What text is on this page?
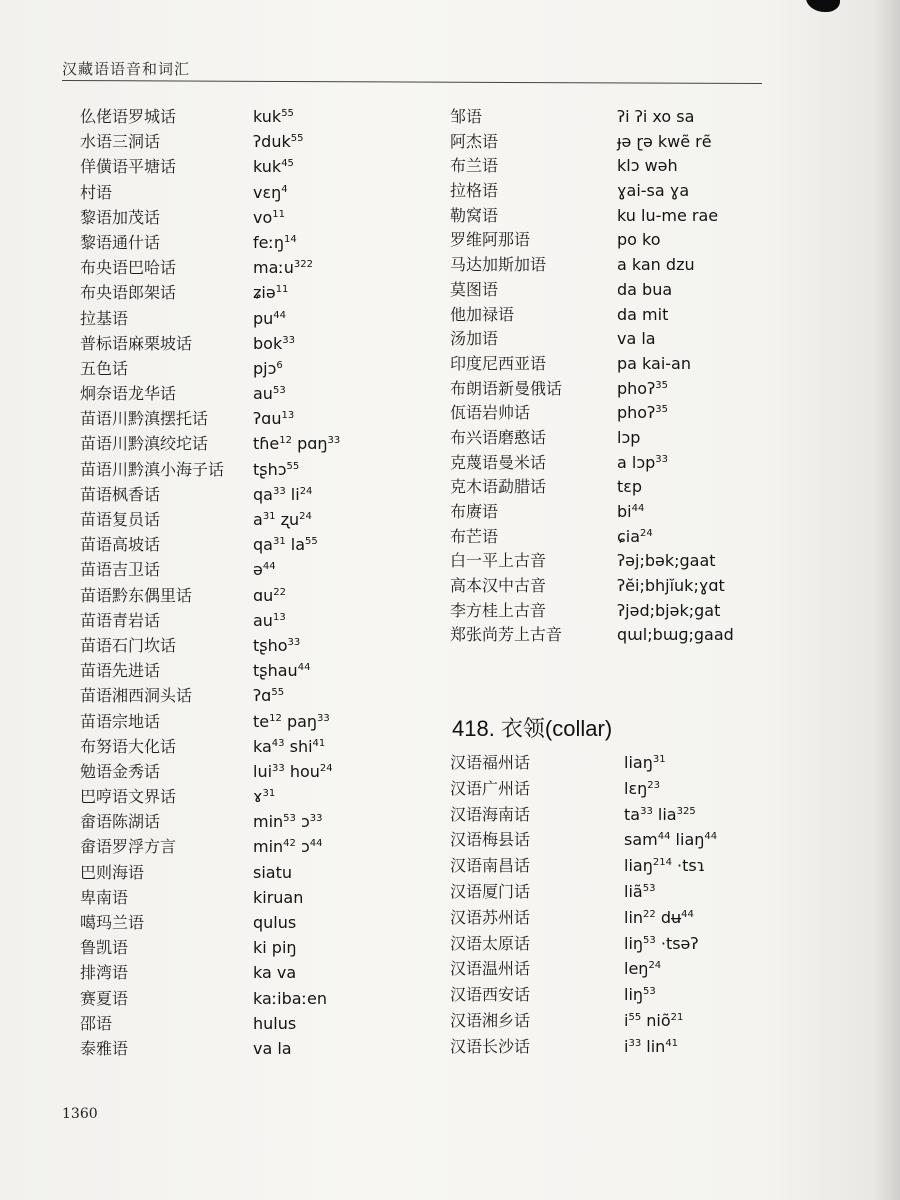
汉藏语语音和词汇
仫佬语罗城话	kuk$^{55}$
水语三洞话	ʔduk$^{55}$
佯僙语平塘话	kuk$^{45}$
村语	vɛŋ$^4$
黎语加茂话	$vo^{11}$
黎语通什话	feːŋ$^{14}$
布央语巴哈话	maːu$^{322}$
布央语郎架话	ʑiə$^{11}$
拉基语	$pu^{44}$
普标语麻栗坡话	bok$^{33}$
五色话	pjɔ$^6$
炯奈语龙华话	$au^{53}$
苗语川黔滇摆托话	ʔɑu$^{13}$
苗语川黔滇绞坨话	tɦe$^{12}$ pɑŋ$^{33}$
苗语川黔滇小海子话	tʂhɔ$^{55}$
苗语枫香话	$qa^{33}$ $li^{24}$
苗语复员话	$a^{31}$ ʐu$^{24}$
苗语高坡话	$qa^{31}$ $la^{55}$
苗语吉卫话	ə$^{44}$
苗语黔东偶里话	ɑu$^{22}$
苗语青岩话	$au^{13}$
苗语石门坎话	tʂho$^{33}$
苗语先进话	tʂhau$^{44}$
苗语湘西洞头话	ʔɑ$^{55}$
苗语宗地话	$te^{12}$ paŋ$^{33}$
布努语大化话	$ka^{43}$ shi$^{41}$
勉语金秀话	lui$^{33}$ hou$^{24}$
巴哼语文界话	ɤ$^{31}$
畲语陈湖话	$\min^{53}$ ɔ$^{33}$
畲语罗浮方言	$\min^{42}$ ɔ$^{44}$
巴则海语	siatu
卑南语	kiruan
噶玛兰语	qulus
鲁凯语	ki piŋ
排湾语	ka va
赛夏语	kaːibaːen
邵语	hulus
泰雅语	va la
邹语	ʔi ʔi xo sa
阿杰语	ɟə ɽə kwẽ rẽ
布兰语	klɔ wəh
拉格语	ɣai-sa ɣa
勒窝语	ku lu-me rae
罗维阿那语	po ko
马达加斯加语	a kan dzu
莫图语	da bua
他加禄语	da mit
汤加语	va la
印度尼西亚语	pa kai-an
布朗语新曼俄话	phoʔ$^{35}$
佤语岩帅话	phoʔ$^{35}$
布兴语磨憨话	lɔp
克蔑语曼米话	a lɔp$^{33}$
克木语勐腊话	tɛp
布赓语	$bi^{44}$
布芒语	ɕia$^{24}$
白一平上古音	ʔəj;bək;gaat
高本汉中古音	ʔĕi;bhjĭuk;ɣɑt
李方桂上古音	ʔjəd;bjək;gat
郑张尚芳上古音	qɯl;bɯɡ;gaad
418. 衣领(collar)
汉语福州话	liaŋ$^{31}$
汉语广州话	lɛŋ$^{23}$
汉语海南话	$ta^{33}$ lia$^{325}$
汉语梅县话	sam$^{44}$ liaŋ$^{44}$
汉语南昌话	liaŋ$^{214}$ ·tsɿ
汉语厦门话	liã$^{53}$
汉语苏州话	lin$^{22}$ dʉ$^{44}$
汉语太原话	liŋ$^{53}$ ·tsəʔ
汉语温州话	leŋ$^{24}$
汉语西安话	liŋ$^{53}$
汉语湘乡话	$i^{55}$ niõ$^{21}$
汉语长沙话	$i^{33}$ lin$^{41}$
1360
